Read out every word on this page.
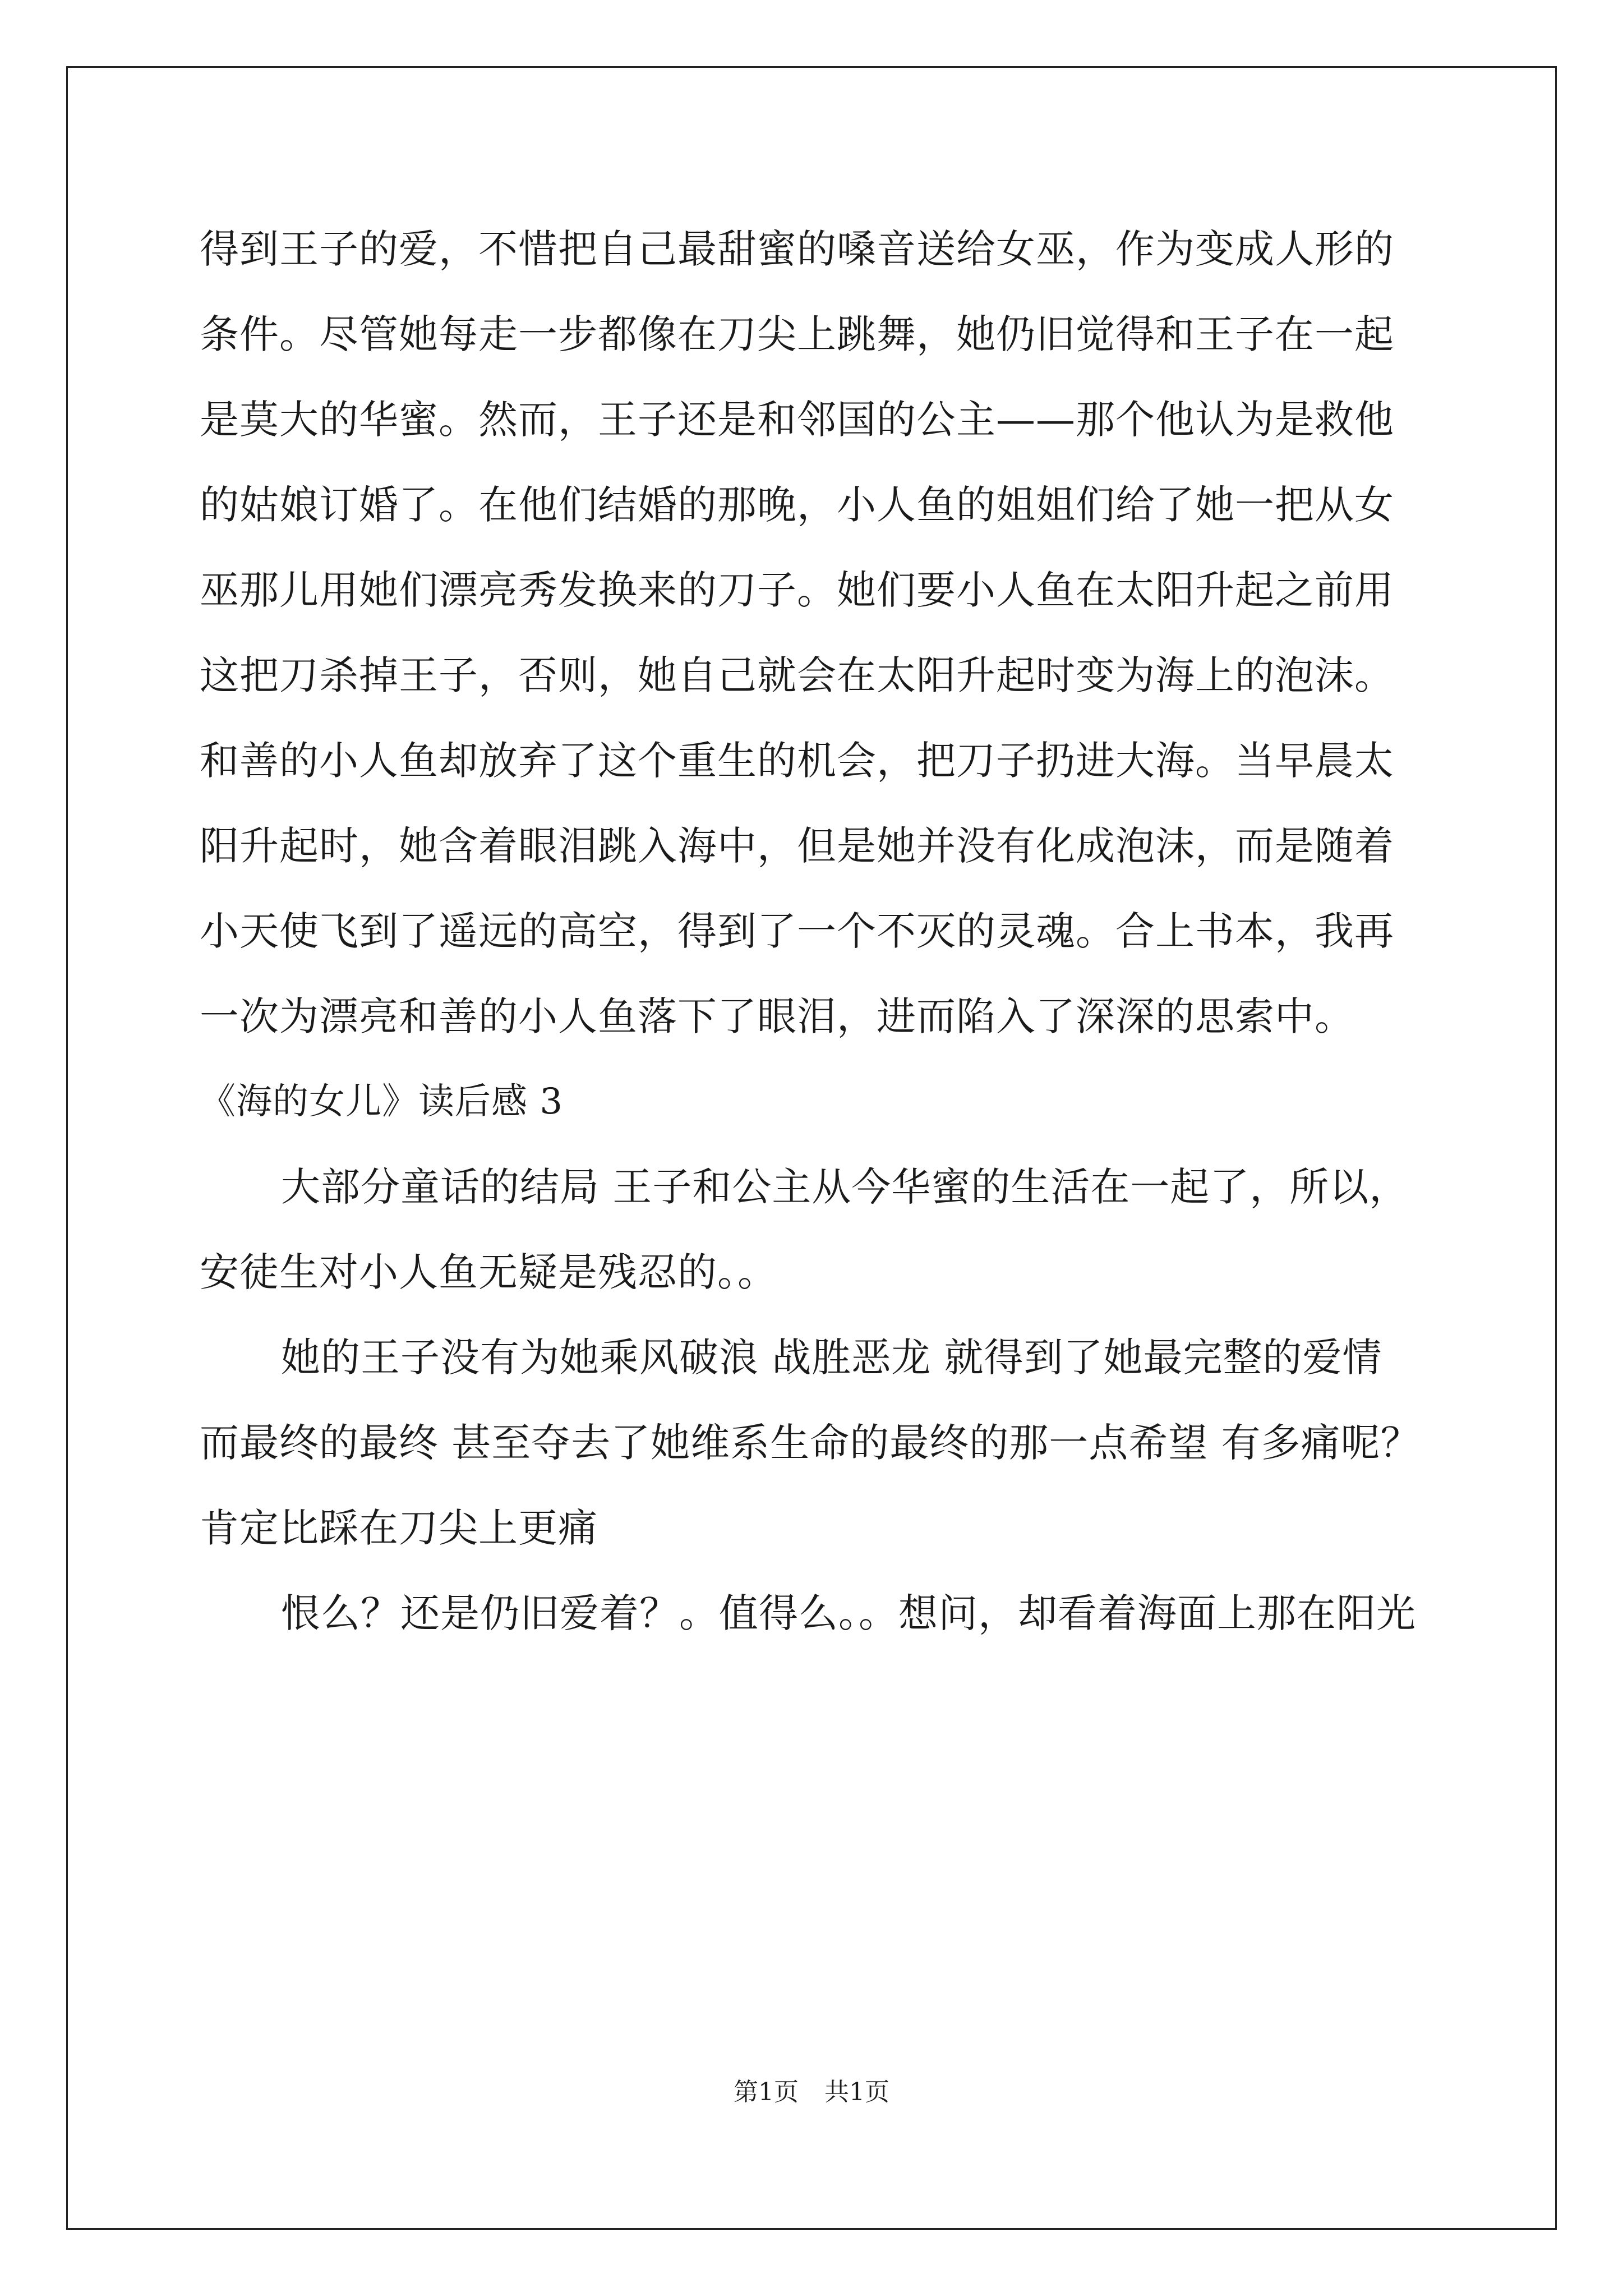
得到王子的爱，不惜把自己最甜蜜的嗓音送给女巫，作为变成人形的
条件。尽管她每走一步都像在刀尖上跳舞，她仍旧觉得和王子在一起
是莫大的华蜜。然而，王子还是和邻国的公主——那个他认为是救他
的姑娘订婚了。在他们结婚的那晚，小人鱼的姐姐们给了她一把从女
巫那儿用她们漂亮秀发换来的刀子。她们要小人鱼在太阳升起之前用
这把刀杀掉王子，否则，她自己就会在太阳升起时变为海上的泡沫。
和善的小人鱼却放弃了这个重生的机会，把刀子扔进大海。当早晨太
阳升起时，她含着眼泪跳入海中，但是她并没有化成泡沫，而是随着
小天使飞到了遥远的高空，得到了一个不灭的灵魂。合上书本，我再
一次为漂亮和善的小人鱼落下了眼泪，进而陷入了深深的思索中。
《海的女儿》读后感 3
大部分童话的结局 王子和公主从今华蜜的生活在一起了，所以，
安徒生对小人鱼无疑是残忍的。。
她的王子没有为她乘风破浪 战胜恶龙 就得到了她最完整的爱情
而最终的最终 甚至夺去了她维系生命的最终的那一点希望 有多痛呢？
肯定比踩在刀尖上更痛
恨么？还是仍旧爱着？。值得么。。想问，却看着海面上那在阳光
第1页 共1页
